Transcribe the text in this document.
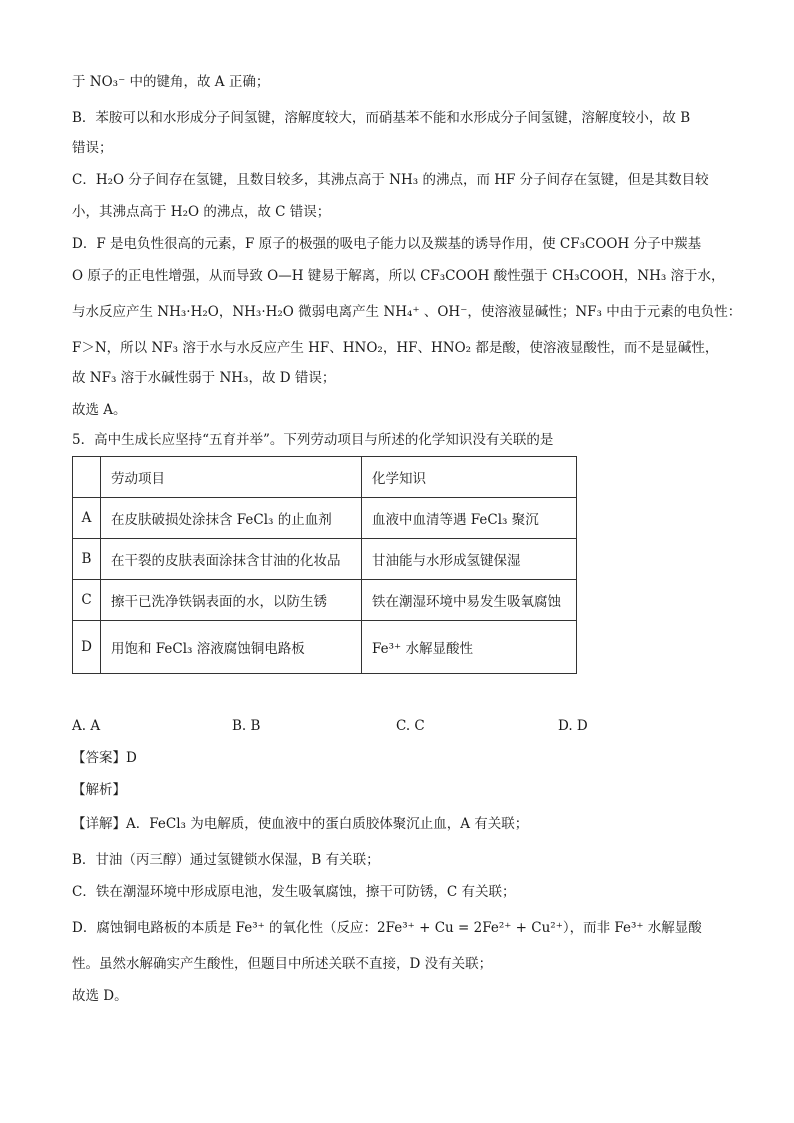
于 NO₃⁻ 中的键角，故 A 正确；
B．苯胺可以和水形成分子间氢键，溶解度较大，而硝基苯不能和水形成分子间氢键，溶解度较小，故 B
错误；
C．H₂O 分子间存在氢键，且数目较多，其沸点高于 NH₃ 的沸点，而 HF 分子间存在氢键，但是其数目较
小，其沸点高于 H₂O 的沸点，故 C 错误；
D．F 是电负性很高的元素，F 原子的极强的吸电子能力以及羰基的诱导作用，使 CF₃COOH 分子中羰基
O 原子的正电性增强，从而导致 O—H 键易于解离，所以 CF₃COOH 酸性强于 CH₃COOH，NH₃ 溶于水，
与水反应产生 NH₃·H₂O，NH₃·H₂O 微弱电离产生 NH₄⁺ 、OH⁻，使溶液显碱性；NF₃ 中由于元素的电负性：
F＞N，所以 NF₃ 溶于水与水反应产生 HF、HNO₂，HF、HNO₂ 都是酸，使溶液显酸性，而不是显碱性，
故 NF₃ 溶于水碱性弱于 NH₃，故 D 错误；
故选 A。
5．高中生成长应坚持“五育并举”。下列劳动项目与所述的化学知识没有关联的是
	劳动项目	化学知识
A	在皮肤破损处涂抹含 FeCl₃ 的止血剂	血液中血清等遇 FeCl₃ 聚沉
B	在干裂的皮肤表面涂抹含甘油的化妆品	甘油能与水形成氢键保湿
C	擦干已洗净铁锅表面的水，以防生锈	铁在潮湿环境中易发生吸氧腐蚀
D	用饱和 FeCl₃ 溶液腐蚀铜电路板	Fe³⁺ 水解显酸性
A. A	B. B	C. C	D. D
【答案】D
【解析】
【详解】A．FeCl₃ 为电解质，使血液中的蛋白质胶体聚沉止血，A 有关联；
B．甘油（丙三醇）通过氢键锁水保湿，B 有关联；
C．铁在潮湿环境中形成原电池，发生吸氧腐蚀，擦干可防锈，C 有关联；
D．腐蚀铜电路板的本质是 Fe³⁺ 的氧化性（反应：2Fe³⁺ + Cu = 2Fe²⁺ + Cu²⁺），而非 Fe³⁺ 水解显酸
性。虽然水解确实产生酸性，但题目中所述关联不直接，D 没有关联；
故选 D。
